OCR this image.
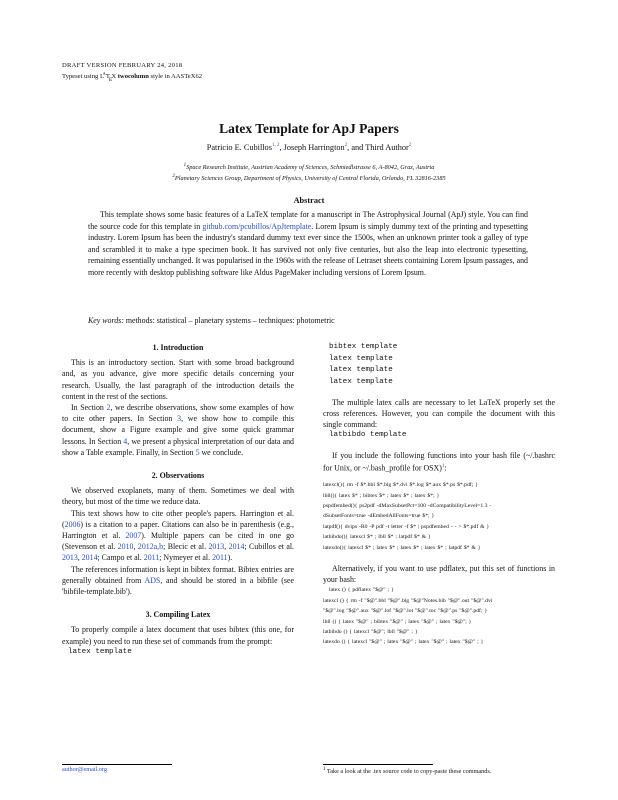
DRAFT VERSION FEBRUARY 24, 2018
Typeset using $L^AT_EX$ twocolumn style in AASTeX62
Latex Template for ApJ Papers
Patricio E. Cubillos$^{1, 2}$, Joseph Harrington$^2$, and Third Author$^2$
$^1$Space Research Institute, Austrian Academy of Sciences, Schmiedlstrasse 6, A-8042, Graz, Austria
$^2$Planetary Sciences Group, Department of Physics, University of Central Florida, Orlando, FL 32816-2385
Abstract
This template shows some basic features of a LaTeX template for a manuscript in The Astrophysical Journal (ApJ) style. You can find the source code for this template in github.com/pcubillos/ApJtemplate. Lorem Ipsum is simply dummy text of the printing and typesetting industry. Lorem Ipsum has been the industry's standard dummy text ever since the 1500s, when an unknown printer took a galley of type and scrambled it to make a type specimen book. It has survived not only five centuries, but also the leap into electronic typesetting, remaining essentially unchanged. It was popularised in the 1960s with the release of Letraset sheets containing Lorem Ipsum passages, and more recently with desktop publishing software like Aldus PageMaker including versions of Lorem Ipsum.
Key words: methods: statistical – planetary systems – techniques: photometric

1. Introduction

This is an introductory section. Start with some broad background and, as you advance, give more specific details concerning your research. Usually, the last paragraph of the introduction details the content in the rest of the sections.

In Section 2, we describe observations, show some examples of how to cite other papers. In Section 3, we show how to compile this document, show a Figure example and give some quick grammar lessons. In Section 4, we present a physical interpretation of our data and show a Table example. Finally, in Section 5 we conclude.

2. Observations

We observed exoplanets, many of them. Sometimes we deal with theory, but most of the time we reduce data.

This text shows how to cite other people's papers. Harrington et al. (2006) is a citation to a paper. Citations can also be in parenthesis (e.g., Harrington et al. 2007). Multiple papers can be cited in one go (Stevenson et al. 2010, 2012a,b; Blecic et al. 2013, 2014; Cubillos et al. 2013, 2014; Campo et al. 2011; Nymeyer et al. 2011).

The references information is kept in bibtex format. Bibtex entries are generally obtained from ADS, and should be stored in a bibfile (see 'bibfile-template.bib').

3. Compiling Latex

To properly compile a latex document that uses bibtex (this one, for example) you need to run these set of commands from the prompt:

latex template
bibtex template
latex template
latex template
latex template

The multiple latex calls are necessary to let LaTeX properly set the cross references. However, you can compile the document with this single command:

latbibdo template

If you include the following functions into your bash file (~/.bashrc for Unix, or ~/.bash_profile for OSX)$^1$:

latexcl(){ rm -f $*.bbl $*.blg $*.dvi $*.log $*.aux $*.ps $*.pdf; }

lbll(){ latex $* ; bibtex $* ; latex $* ; latex $*; }

pspdfembed(){ ps2pdf -dMaxSubsetPct=100 -dCompatibilityLevel=1.3 -

dSubsetFonts=true -dEmbedAllFonts=true $*; }

latpdf(){ dvips -R0 -P pdf -t letter -f $* | pspdfembed - - > $*.pdf & }

latbibdo(){ latexcl $* ; lbll $* ; latpdf $* & }

latexdo(){ latexcl $* ; latex $* ; latex $* ; latex $* ; latpdf $* & }

Alternatively, if you want to use pdflatex, put this set of functions in your bash:

latex () { pdflatex "$@" ; }

latexcl () { rm -f "$@".bbl "$@".blg "$@"Notes.bib "$@".out "$@".dvi

"$@".log "$@".aux "$@".lof "$@".lot "$@".toc "$@".ps "$@".pdf; }

lbll () { latex "$@" ; bibtex "$@" ; latex "$@" ; latex "$@"; }

latbibdo () { latexcl "$@"; lbll "$@" ; }

latexdo () { latexcl "$@" ; latex "$@" ; latex "$@" ; latex "$@" ; }

author@email.org	$^1$ Take a look at the .tex source code to copy-paste these commands.
